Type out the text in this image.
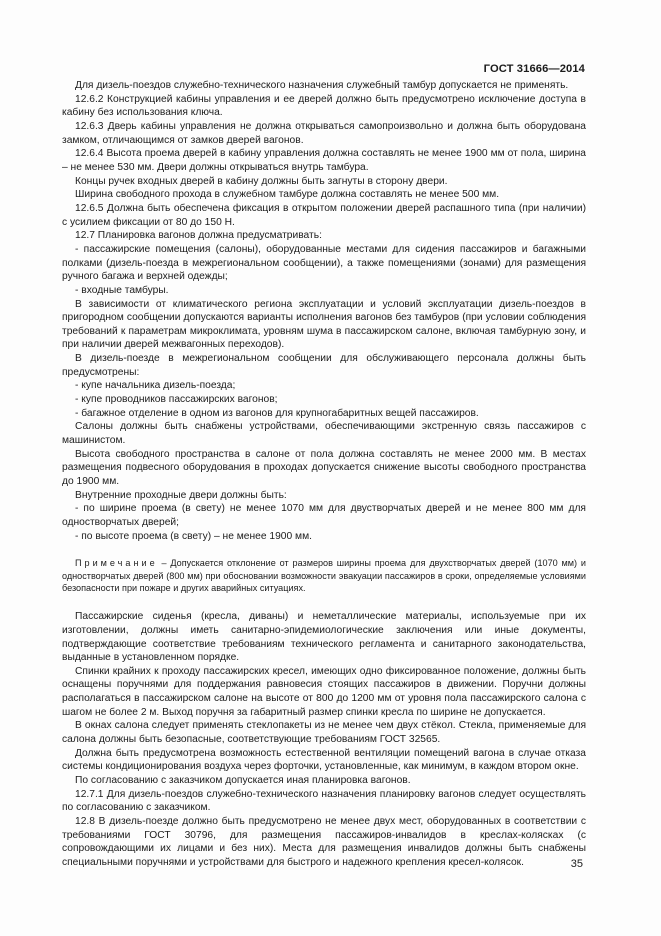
ГОСТ 31666—2014

Для дизель-поездов служебно-технического назначения служебный тамбур допускается не применять.

12.6.2 Конструкцией кабины управления и ее дверей должно быть предусмотрено исключение доступа в кабину без использования ключа.

12.6.3 Дверь кабины управления не должна открываться самопроизвольно и должна быть оборудована замком, отличающимся от замков дверей вагонов.

12.6.4 Высота проема дверей в кабину управления должна составлять не менее 1900 мм от пола, ширина – не менее 530 мм. Двери должны открываться внутрь тамбура.

Концы ручек входных дверей в кабину должны быть загнуты в сторону двери.

Ширина свободного прохода в служебном тамбуре должна составлять не менее 500 мм.

12.6.5 Должна быть обеспечена фиксация в открытом положении дверей распашного типа (при наличии) с усилием фиксации от 80 до 150 Н.

12.7 Планировка вагонов должна предусматривать:

- пассажирские помещения (салоны), оборудованные местами для сидения пассажиров и багажными полками (дизель-поезда в межрегиональном сообщении), а также помещениями (зонами) для размещения ручного багажа и верхней одежды;

- входные тамбуры.

В зависимости от климатического региона эксплуатации и условий эксплуатации дизель-поездов в пригородном сообщении допускаются варианты исполнения вагонов без тамбуров (при условии соблюдения требований к параметрам микроклимата, уровням шума в пассажирском салоне, включая тамбурную зону, и при наличии дверей межвагонных переходов).

В дизель-поезде в межрегиональном сообщении для обслуживающего персонала должны быть предусмотрены:

- купе начальника дизель-поезда;

- купе проводников пассажирских вагонов;

- багажное отделение в одном из вагонов для крупногабаритных вещей пассажиров.

Салоны должны быть снабжены устройствами, обеспечивающими экстренную связь пассажиров с машинистом.

Высота свободного пространства в салоне от пола должна составлять не менее 2000 мм. В местах размещения подвесного оборудования в проходах допускается снижение высоты свободного пространства до 1900 мм.

Внутренние проходные двери должны быть:

- по ширине проема (в свету) не менее 1070 мм для двустворчатых дверей и не менее 800 мм для одностворчатых дверей;

- по высоте проема (в свету) – не менее 1900 мм.

Примечание – Допускается отклонение от размеров ширины проема для двухстворчатых дверей (1070 мм) и одностворчатых дверей (800 мм) при обосновании возможности эвакуации пассажиров в сроки, определяемые условиями безопасности при пожаре и других аварийных ситуациях.

Пассажирские сиденья (кресла, диваны) и неметаллические материалы, используемые при их изготовлении, должны иметь санитарно-эпидемиологические заключения или иные документы, подтверждающие соответствие требованиям технического регламента и санитарного законодательства, выданные в установленном порядке.

Спинки крайних к проходу пассажирских кресел, имеющих одно фиксированное положение, должны быть оснащены поручнями для поддержания равновесия стоящих пассажиров в движении. Поручни должны располагаться в пассажирском салоне на высоте от 800 до 1200 мм от уровня пола пассажирского салона с шагом не более 2 м. Выход поручня за габаритный размер спинки кресла по ширине не допускается.

В окнах салона следует применять стеклопакеты из не менее чем двух стёкол. Стекла, применяемые для салона должны быть безопасные, соответствующие требованиям ГОСТ 32565.

Должна быть предусмотрена возможность естественной вентиляции помещений вагона в случае отказа системы кондиционирования воздуха через форточки, установленные, как минимум, в каждом втором окне.

По согласованию с заказчиком допускается иная планировка вагонов.

12.7.1 Для дизель-поездов служебно-технического назначения планировку вагонов следует осуществлять по согласованию с заказчиком.

12.8 В дизель-поезде должно быть предусмотрено не менее двух мест, оборудованных в соответствии с требованиями ГОСТ 30796, для размещения пассажиров-инвалидов в креслах-колясках (с сопровождающими их лицами и без них). Места для размещения инвалидов должны быть снабжены специальными поручнями и устройствами для быстрого и надежного крепления кресел-колясок.	35
